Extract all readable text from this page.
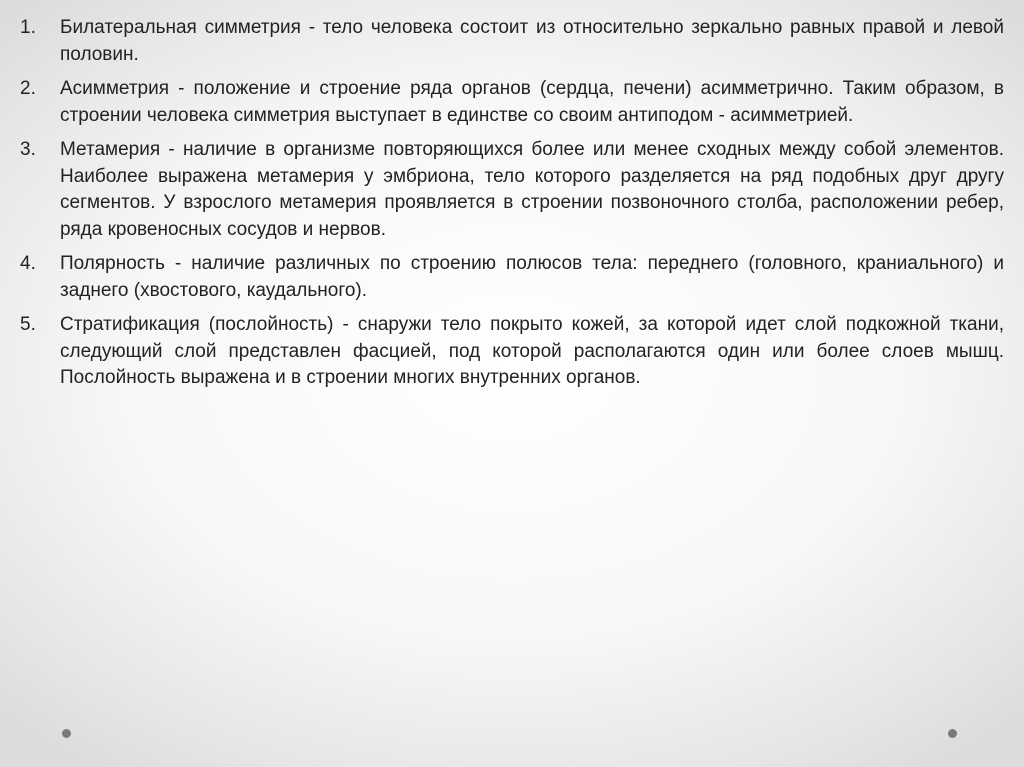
1.	Билатеральная симметрия - тело человека состоит из относительно зеркально равных правой и левой половин.
2.	Асимметрия - положение и строение ряда органов (сердца, печени) асимметрично. Таким образом, в строении человека симметрия выступает в единстве со своим антиподом - асимметрией.
3.	Метамерия - наличие в организме повторяющихся более или менее сходных между собой элементов. Наиболее выражена метамерия у эмбриона, тело которого разделяется на ряд подобных друг другу сегментов. У взрослого метамерия проявляется в строении позвоночного столба, расположении ребер, ряда кровеносных сосудов и нервов.
4.	Полярность - наличие различных по строению полюсов тела: переднего (головного, краниального) и заднего (хвостового, каудального).
5.	Стратификация (послойность) - снаружи тело покрыто кожей, за которой идет слой подкожной ткани, следующий слой представлен фасцией, под которой располагаются один или более слоев мышц. Послойность выражена и в строении многих внутренних органов.
